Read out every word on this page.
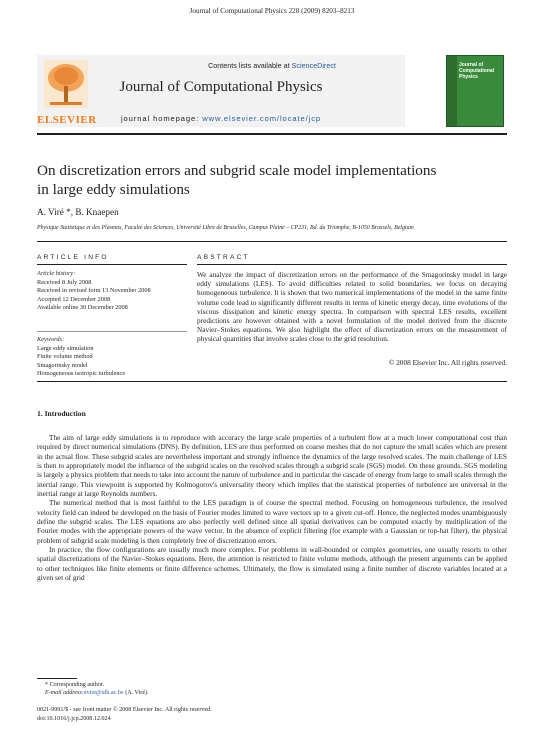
Journal of Computational Physics 228 (2009) 8203–8213
Contents lists available at ScienceDirect
Journal of Computational Physics
journal homepage: www.elsevier.com/locate/jcp
ELSEVIER
Journal of Computational Physics
On discretization errors and subgrid scale model implementations
in large eddy simulations
A. Viré *, B. Knaepen
Physique Statistique et des Plasmas, Faculté des Sciences, Université Libre de Bruxelles, Campus Plaine – CP231, Bd. du Triomphe, B-1050 Brussels, Belgium
ARTICLE INFO	ABSTRACT
Article history:
Received 8 July 2008
Received in revised form 13 November 2008
Accepted 12 December 2008
Available online 30 December 2008
Keywords:
Large eddy simulation
Finite volume method
Smagorinsky model
Homogeneous isotropic turbulence
We analyze the impact of discretization errors on the performance of the Smagorinsky model in large eddy simulations (LES). To avoid difficulties related to solid boundaries, we focus on decaying homogeneous turbulence. It is shown that two numerical implementations of the model in the same finite volume code lead to significantly different results in terms of kinetic energy decay, time evolutions of the viscous dissipation and kinetic energy spectra. In comparison with spectral LES results, excellent predictions are however obtained with a novel formulation of the model derived from the discrete Navier–Stokes equations. We also highlight the effect of discretization errors on the measurement of physical quantities that involve scales close to the grid resolution.
© 2008 Elsevier Inc. All rights reserved.
1. Introduction

The aim of large eddy simulations is to reproduce with accuracy the large scale properties of a turbulent flow at a much lower computational cost than required by direct numerical simulations (DNS). By definition, LES are thus performed on coarse meshes that do not capture the small scales which are present in the actual flow. These subgrid scales are nevertheless important and strongly influence the dynamics of the large resolved scales. The main challenge of LES is then to appropriately model the influence of the subgrid scales on the resolved scales through a subgrid scale (SGS) model. On these grounds, SGS modeling is largely a physics problem that needs to take into account the nature of turbulence and in particular the cascade of energy from large to small scales through the inertial range. This viewpoint is supported by Kolmogorov's universality theory which implies that the statistical properties of turbulence are universal in the inertial range at large Reynolds numbers.

The numerical method that is most faithful to the LES paradigm is of course the spectral method. Focusing on homogeneous turbulence, the resolved velocity field can indeed be developed on the basis of Fourier modes limited to wave vectors up to a given cut-off. Hence, the neglected modes unambiguously define the subgrid scales. The LES equations are also perfectly well defined since all spatial derivatives can be computed exactly by multiplication of the Fourier modes with the appropriate powers of the wave vector. In the absence of explicit filtering (for example with a Gaussian or top-hat filter), the physical problem of subgrid scale modeling is then completely free of discretization errors.

In practice, the flow configurations are usually much more complex. For problems in wall-bounded or complex geometries, one usually resorts to other spatial discretizations of the Navier–Stokes equations. Here, the attention is restricted to finite volume methods, although the present arguments can be applied to other techniques like finite elements or finite difference schemes. Ultimately, the flow is simulated using a finite number of discrete variables located at a given set of grid

* Corresponding author.
E-mail address:avire@ulb.ac.be (A. Viré).
0021-9991/$ - see front matter © 2008 Elsevier Inc. All rights reserved.
doi:10.1016/j.jcp.2008.12.024
